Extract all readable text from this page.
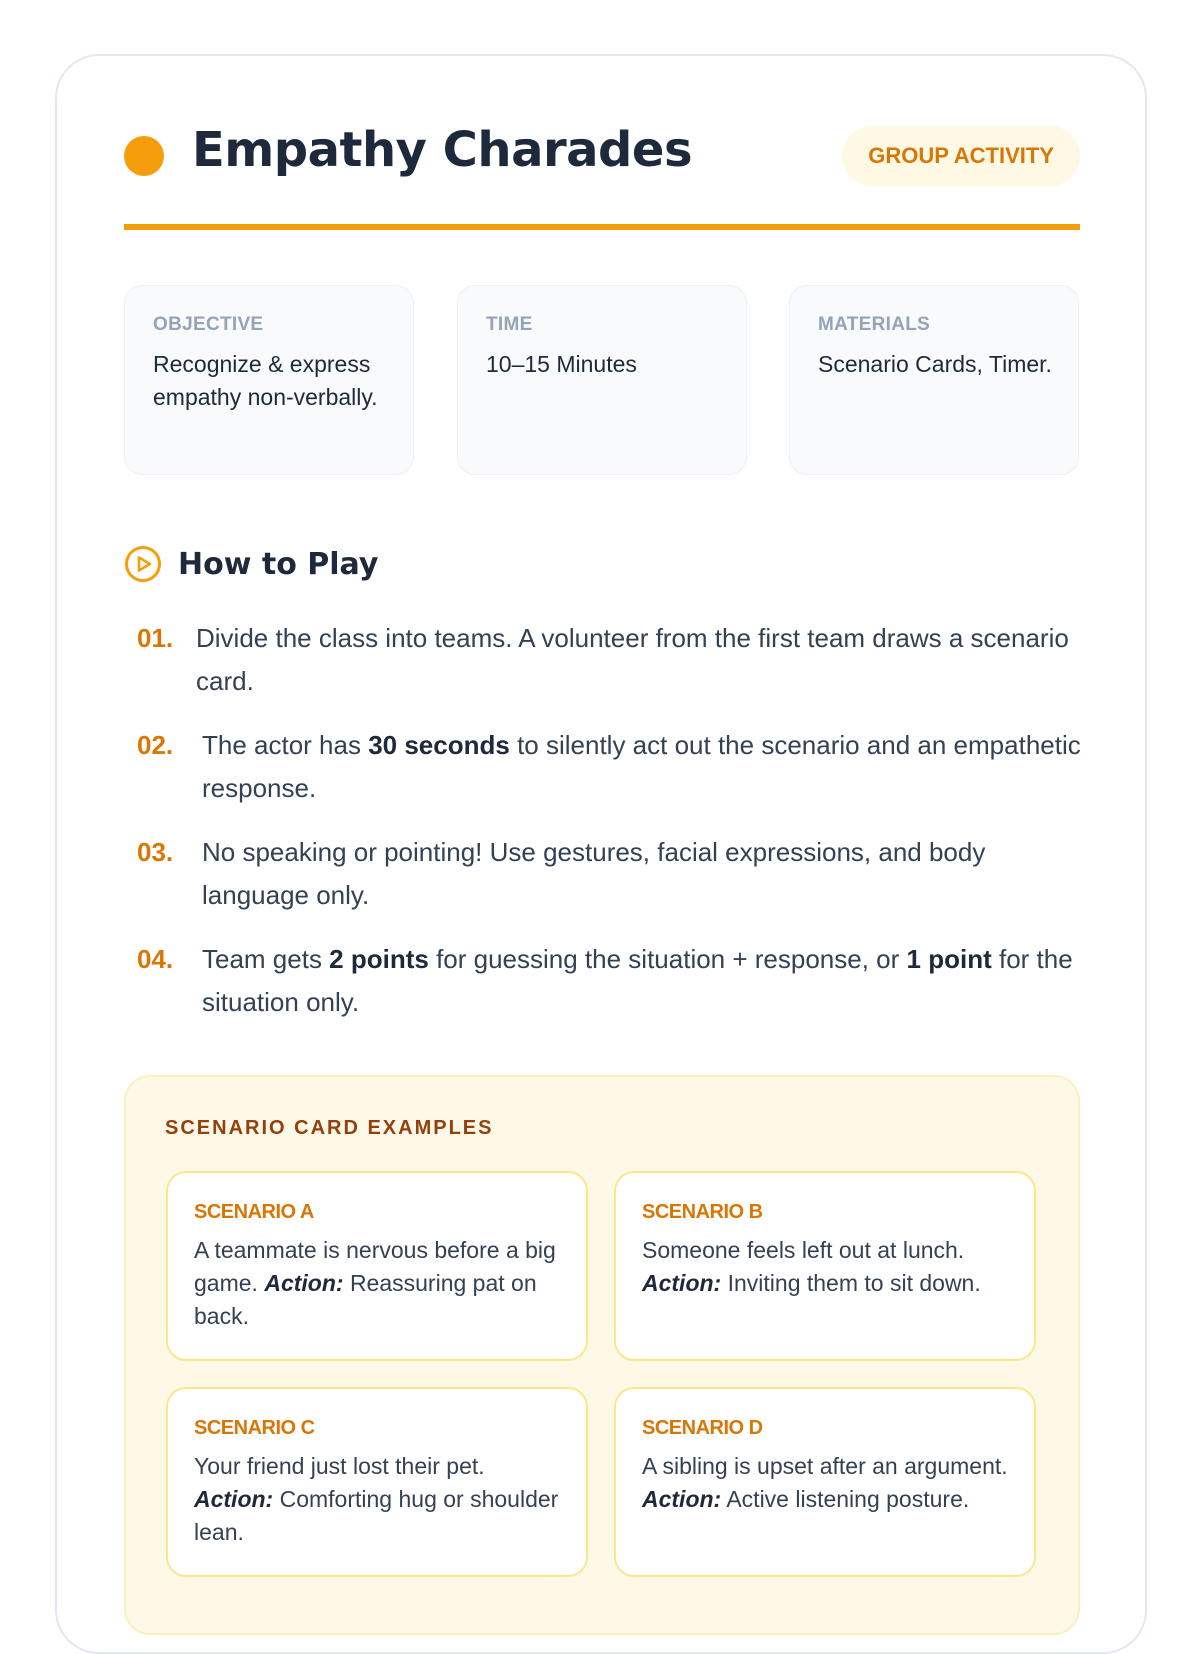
Empathy Charades	GROUP ACTIVITY
OBJECTIVE
Recognize & express empathy non-verbally.
TIME
10–15 Minutes
MATERIALS
Scenario Cards, Timer.
How to Play
01. Divide the class into teams. A volunteer from the first team draws a scenario card.
02. The actor has 30 seconds to silently act out the scenario and an empathetic response.
03. No speaking or pointing! Use gestures, facial expressions, and body language only.
04. Team gets 2 points for guessing the situation + response, or 1 point for the situation only.
SCENARIO CARD EXAMPLES
SCENARIO A
A teammate is nervous before a big game. Action: Reassuring pat on back.
SCENARIO B
Someone feels left out at lunch. Action: Inviting them to sit down.
SCENARIO C
Your friend just lost their pet. Action: Comforting hug or shoulder lean.
SCENARIO D
A sibling is upset after an argument. Action: Active listening posture.
